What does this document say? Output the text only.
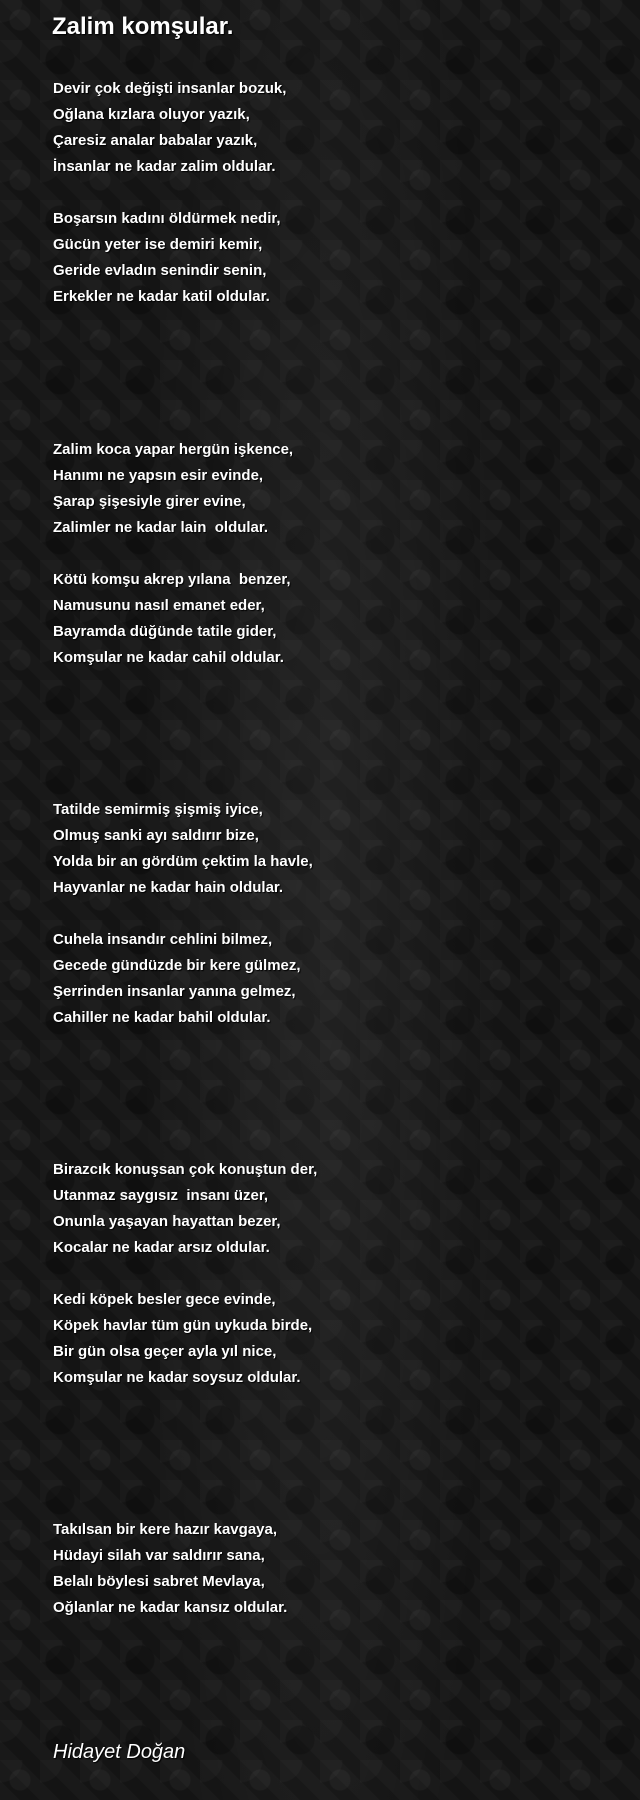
Zalim komşular.
Devir çok değişti insanlar bozuk,
Oğlana kızlara oluyor yazık,
Çaresiz analar babalar yazık,
İnsanlar ne kadar zalim oldular.
Boşarsın kadını öldürmek nedir,
Gücün yeter ise demiri kemir,
Geride evladın senindir senin,
Erkekler ne kadar katil oldular.
Zalim koca yapar hergün işkence,
Hanımı ne yapsın esir evinde,
Şarap şişesiyle girer evine,
Zalimler ne kadar lain  oldular.
Kötü komşu akrep yılana  benzer,
Namusunu nasıl emanet eder,
Bayramda düğünde tatile gider,
Komşular ne kadar cahil oldular.
Tatilde semirmiş şişmiş iyice,
Olmuş sanki ayı saldırır bize,
Yolda bir an gördüm çektim la havle,
Hayvanlar ne kadar hain oldular.
Cuhela insandır cehlini bilmez,
Gecede gündüzde bir kere gülmez,
Şerrinden insanlar yanına gelmez,
Cahiller ne kadar bahil oldular.
Birazcık konuşsan çok konuştun der,
Utanmaz saygısız  insanı üzer,
Onunla yaşayan hayattan bezer,
Kocalar ne kadar arsız oldular.
Kedi köpek besler gece evinde,
Köpek havlar tüm gün uykuda birde,
Bir gün olsa geçer ayla yıl nice,
Komşular ne kadar soysuz oldular.
Takılsan bir kere hazır kavgaya,
Hüdayi silah var saldırır sana,
Belalı böylesi sabret Mevlaya,
Oğlanlar ne kadar kansız oldular.
Hidayet Doğan
